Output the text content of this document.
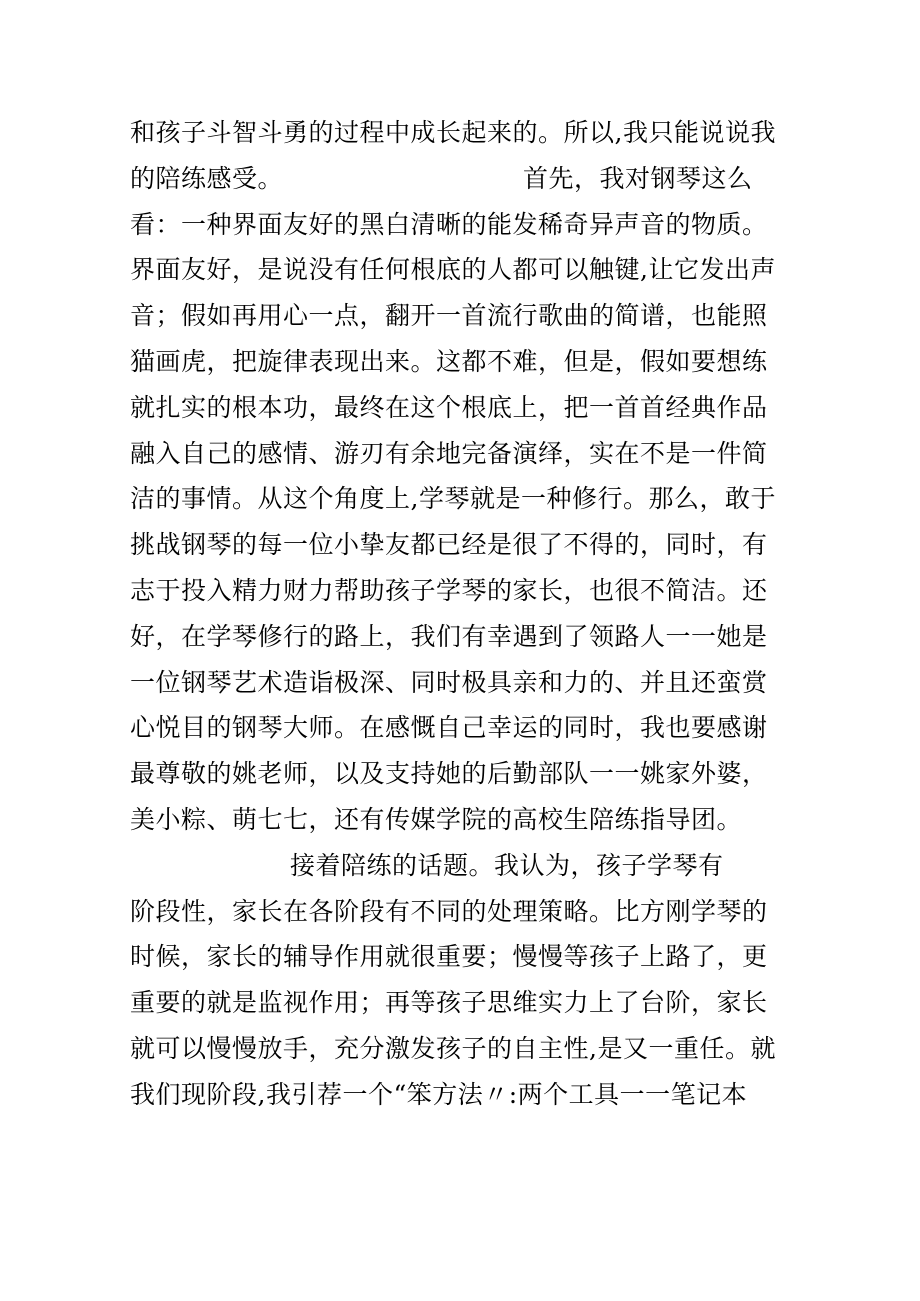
和孩子斗智斗勇的过程中成长起来的。所以,我只能说说我
的陪练感受。	首先，我对钢琴这么
看：一种界面友好的黑白清晰的能发稀奇异声音的物质。
界面友好，是说没有任何根底的人都可以触键,让它发出声
音；假如再用心一点，翻开一首流行歌曲的简谱，也能照
猫画虎，把旋律表现出来。这都不难，但是，假如要想练
就扎实的根本功，最终在这个根底上，把一首首经典作品
融入自己的感情、游刃有余地完备演绎，实在不是一件简
洁的事情。从这个角度上,学琴就是一种修行。那么，敢于
挑战钢琴的每一位小挚友都已经是很了不得的，同时，有
志于投入精力财力帮助孩子学琴的家长，也很不简洁。还
好，在学琴修行的路上，我们有幸遇到了领路人一一她是
一位钢琴艺术造诣极深、同时极具亲和力的、并且还蛮赏
心悦目的钢琴大师。在感慨自己幸运的同时，我也要感谢
最尊敬的姚老师，以及支持她的后勤部队一一姚家外婆，
美小粽、萌七七，还有传媒学院的高校生陪练指导团。
接着陪练的话题。我认为，孩子学琴有
阶段性，家长在各阶段有不同的处理策略。比方刚学琴的
时候，家长的辅导作用就很重要；慢慢等孩子上路了，更
重要的就是监视作用；再等孩子思维实力上了台阶，家长
就可以慢慢放手，充分激发孩子的自主性,是又一重任。就
我们现阶段,我引荐一个“笨方法〃:两个工具一一笔记本
